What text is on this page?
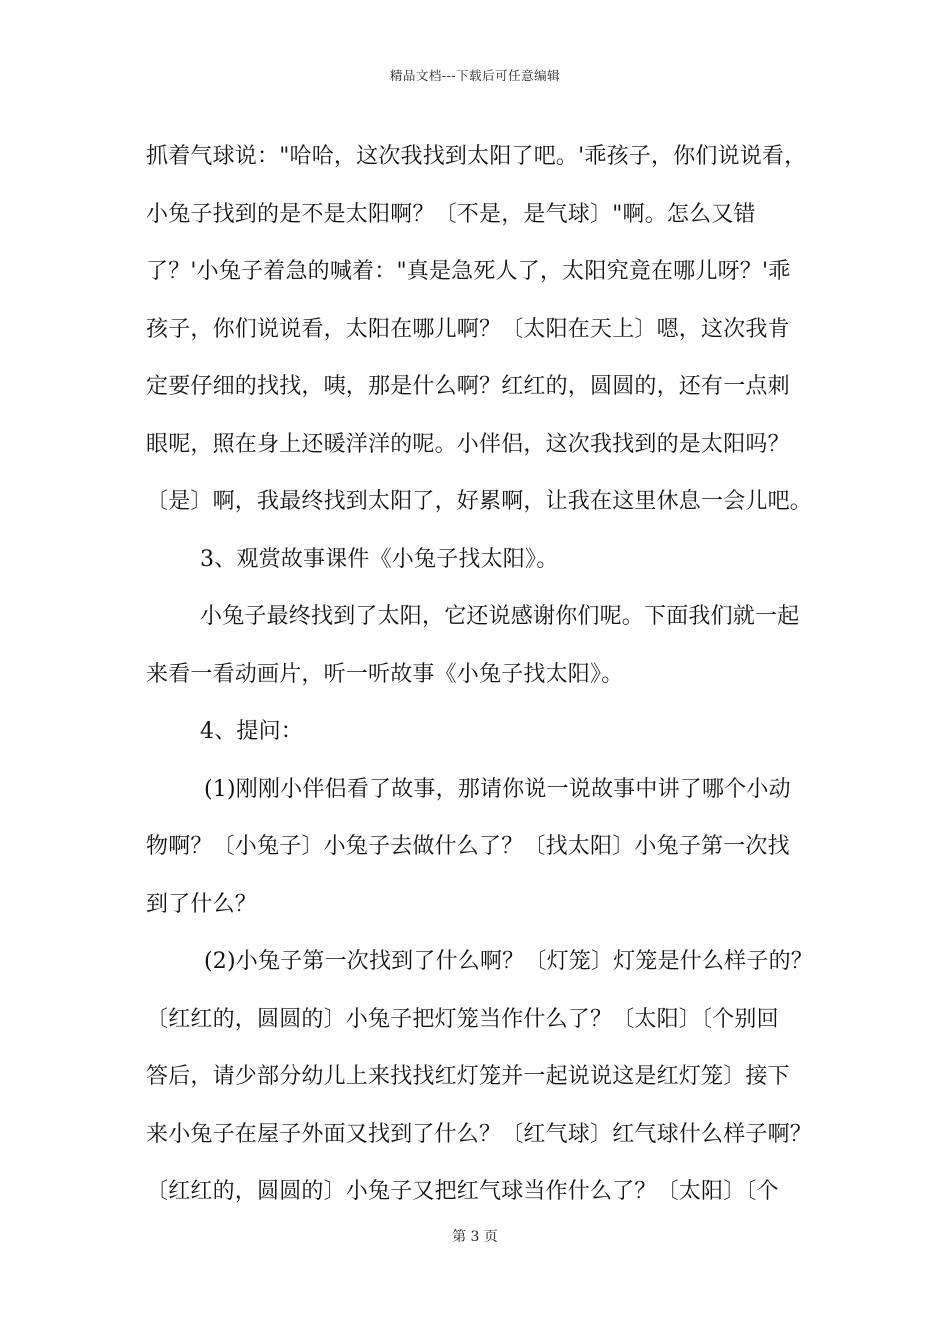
精品文档---下载后可任意编辑
抓着气球说："哈哈，这次我找到太阳了吧。'乖孩子，你们说说看，
小兔子找到的是不是太阳啊？〔不是，是气球〕"啊。怎么又错
了？'小兔子着急的喊着："真是急死人了，太阳究竟在哪儿呀？'乖
孩子，你们说说看，太阳在哪儿啊？〔太阳在天上〕嗯，这次我肯
定要仔细的找找，咦，那是什么啊？红红的，圆圆的，还有一点刺
眼呢，照在身上还暖洋洋的呢。小伴侣，这次我找到的是太阳吗？
〔是〕啊，我最终找到太阳了，好累啊，让我在这里休息一会儿吧。
3、观赏故事课件《小兔子找太阳》。
小兔子最终找到了太阳，它还说感谢你们呢。下面我们就一起
来看一看动画片，听一听故事《小兔子找太阳》。
4、提问：
(1)刚刚小伴侣看了故事，那请你说一说故事中讲了哪个小动
物啊？〔小兔子〕小兔子去做什么了？〔找太阳〕小兔子第一次找
到了什么？
(2)小兔子第一次找到了什么啊？〔灯笼〕灯笼是什么样子的？
〔红红的，圆圆的〕小兔子把灯笼当作什么了？〔太阳〕〔个别回
答后，请少部分幼儿上来找找红灯笼并一起说说这是红灯笼〕接下
来小兔子在屋子外面又找到了什么？〔红气球〕红气球什么样子啊？
〔红红的，圆圆的〕小兔子又把红气球当作什么了？〔太阳〕〔个
第 3 页
